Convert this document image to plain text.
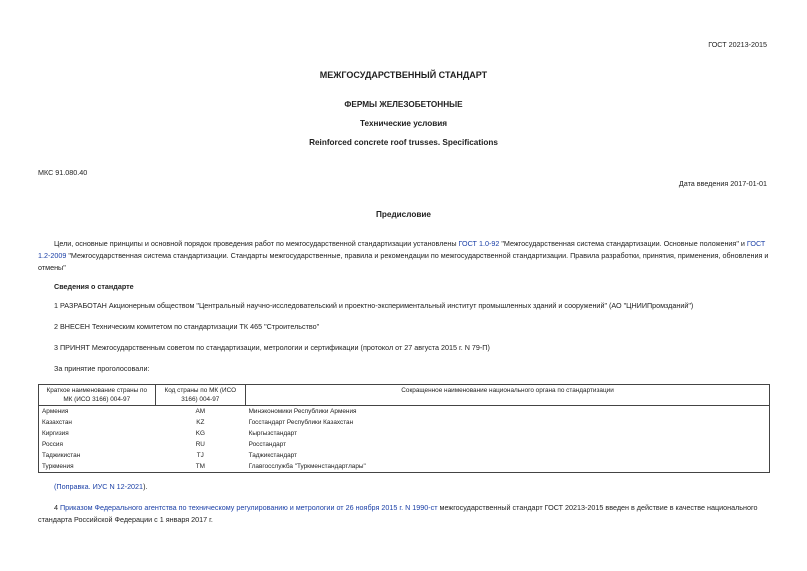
ГОСТ 20213-2015
МЕЖГОСУДАРСТВЕННЫЙ СТАНДАРТ
ФЕРМЫ ЖЕЛЕЗОБЕТОННЫЕ
Технические условия
Reinforced concrete roof trusses. Specifications
МКС 91.080.40
Дата введения 2017-01-01
Предисловие
Цели, основные принципы и основной порядок проведения работ по межгосударственной стандартизации установлены ГОСТ 1.0-92 "Межгосударственная система стандартизации. Основные положения" и ГОСТ 1.2-2009 "Межгосударственная система стандартизации. Стандарты межгосударственные, правила и рекомендации по межгосударственной стандартизации. Правила разработки, принятия, применения, обновления и отмены"
Сведения о стандарте
1 РАЗРАБОТАН Акционерным обществом "Центральный научно-исследовательский и проектно-экспериментальный институт промышленных зданий и сооружений" (АО "ЦНИИПромзданий")
2 ВНЕСЕН Техническим комитетом по стандартизации ТК 465 "Строительство"
3 ПРИНЯТ Межгосударственным советом по стандартизации, метрологии и сертификации (протокол от 27 августа 2015 г. N 79-П)
За принятие проголосовали:
Краткое наименование страны по МК (ИСО 3166) 004-97	Код страны по МК (ИСО 3166) 004-97	Сокращенное наименование национального органа по стандартизации
Армения	AM	Минэкономики Республики Армения
Казахстан	KZ	Госстандарт Республики Казахстан
Киргизия	KG	Кыргызстандарт
Россия	RU	Росстандарт
Таджикистан	TJ	Таджикстандарт
Туркмения	TM	Главгосслужба "Туркменстандартлары"
(Поправка. ИУС N 12-2021).
4 Приказом Федерального агентства по техническому регулированию и метрологии от 26 ноября 2015 г. N 1990-ст межгосударственный стандарт ГОСТ 20213-2015 введен в действие в качестве национального стандарта Российской Федерации с 1 января 2017 г.
